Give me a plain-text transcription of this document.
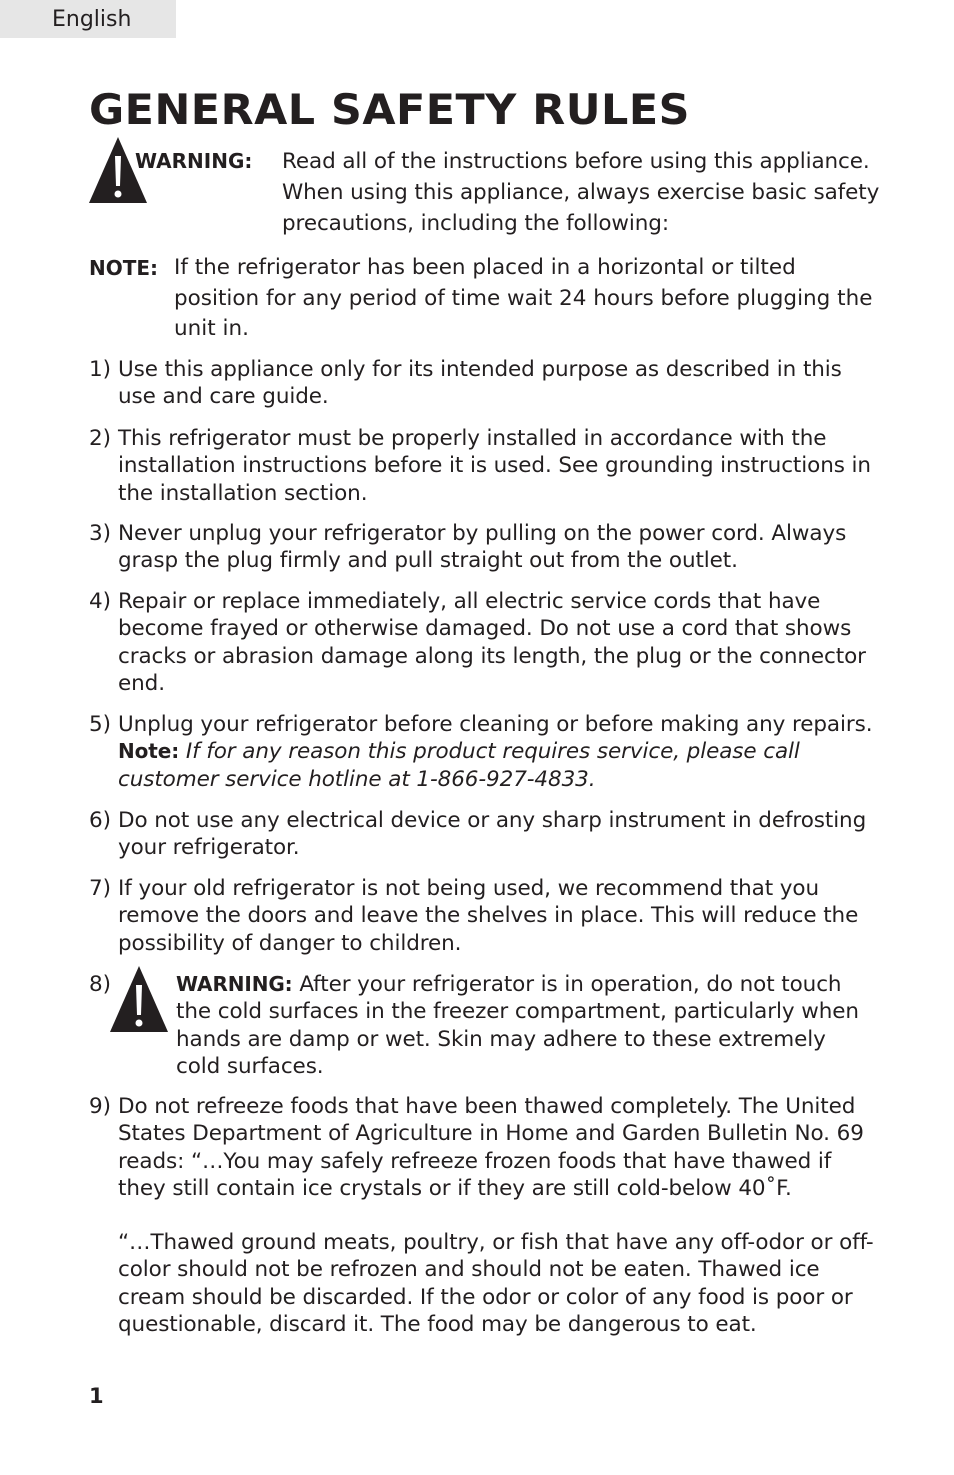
English
GENERAL SAFETY RULES
WARNING: Read all of the instructions before using this appliance. When using this appliance, always exercise basic safety precautions, including the following:

NOTE: If the refrigerator has been placed in a horizontal or tilted position for any period of time wait 24 hours before plugging the unit in.
1) Use this appliance only for its intended purpose as described in this use and care guide.
2) This refrigerator must be properly installed in accordance with the installation instructions before it is used. See grounding instructions in the installation section.
3) Never unplug your refrigerator by pulling on the power cord. Always grasp the plug firmly and pull straight out from the outlet.
4) Repair or replace immediately, all electric service cords that have become frayed or otherwise damaged. Do not use a cord that shows cracks or abrasion damage along its length, the plug or the connector end.
5) Unplug your refrigerator before cleaning or before making any repairs.
Note: If for any reason this product requires service, please call customer service hotline at 1-866-927-4833.
6) Do not use any electrical device or any sharp instrument in defrosting your refrigerator.
7) If your old refrigerator is not being used, we recommend that you remove the doors and leave the shelves in place. This will reduce the possibility of danger to children.
8)	WARNING: After your refrigerator is in operation, do not touch the cold surfaces in the freezer compartment, particularly when hands are damp or wet. Skin may adhere to these extremely cold surfaces.
9) Do not refreeze foods that have been thawed completely. The United States Department of Agriculture in Home and Garden Bulletin No. 69 reads: “…You may safely refreeze frozen foods that have thawed if they still contain ice crystals or if they are still cold-below 40˚F.
“…Thawed ground meats, poultry, or fish that have any off-odor or off-color should not be refrozen and should not be eaten. Thawed ice cream should be discarded. If the odor or color of any food is poor or questionable, discard it. The food may be dangerous to eat.
1
